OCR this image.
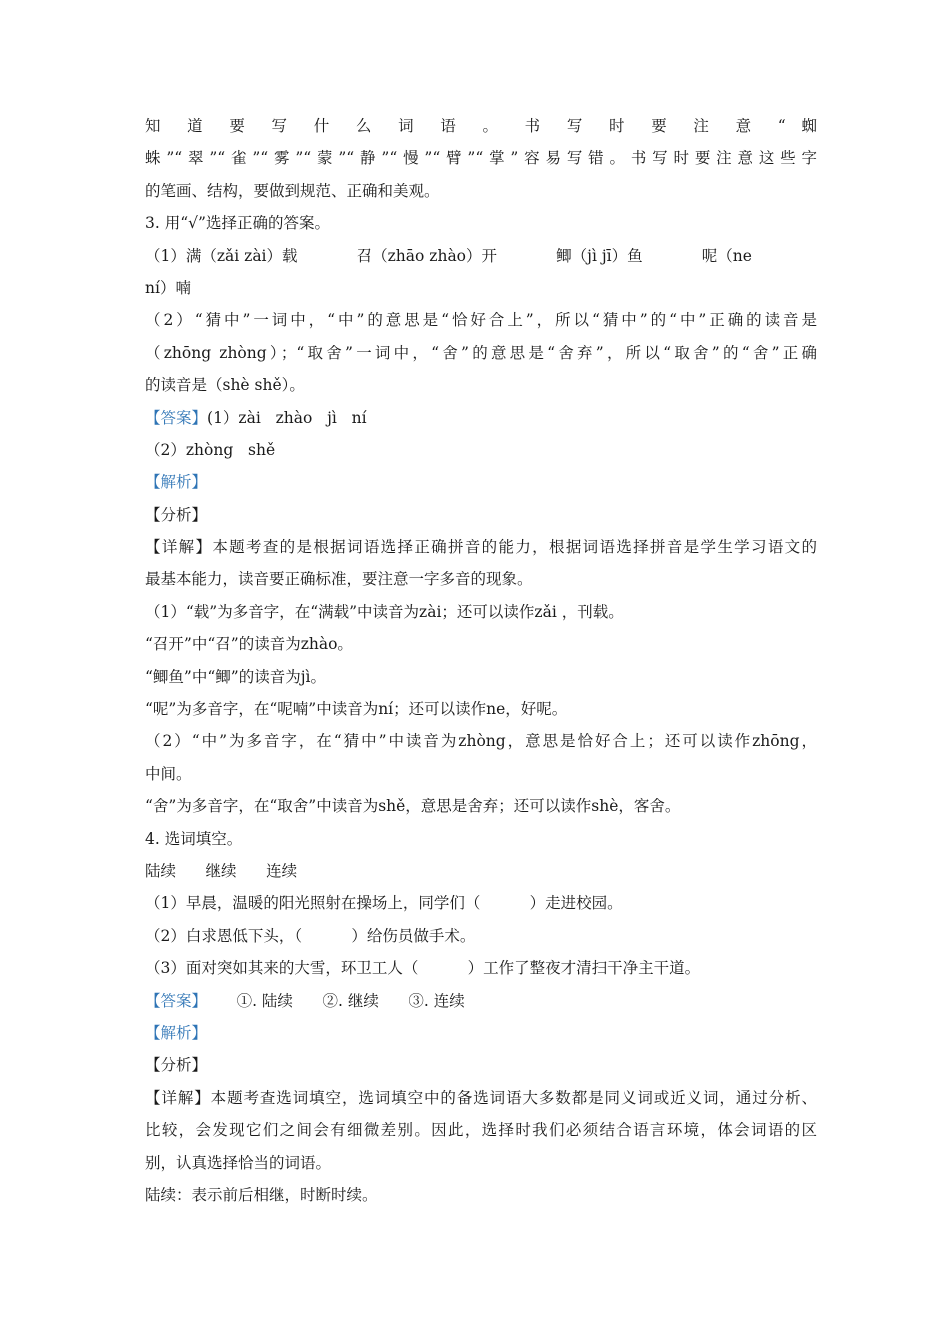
知 道 要 写 什 么 词 语 。 书 写 时 要 注 意 “ 蜘
蛛”“翠”“雀”“雾”“蒙”“静”“慢”“臂”“掌”容易写错。书写时要注意这些字
的笔画、结构，要做到规范、正确和美观。
3. 用“√”选择正确的答案。
（1）满（zǎi zài）载            召（zhāo zhào）开            鲫（jì jī）鱼            呢（ne
ní）喃
（2）“猜中”一词中，“中”的意思是“恰好合上”，所以“猜中”的“中”正确的读音是
（zhōng zhòng）；“取舍”一词中，“舍”的意思是“舍弃”，所以“取舍”的“舍”正确
的读音是（shè shě）。
【答案】(1）zài   zhào   jì   ní
（2）zhòng   shě
【解析】
【分析】
【详解】本题考查的是根据词语选择正确拼音的能力，根据词语选择拼音是学生学习语文的
最基本能力，读音要正确标准，要注意一字多音的现象。
（1）“载”为多音字，在“满载”中读音为zài；还可以读作zǎi ，刊载。
“召开”中“召”的读音为zhào。
“鲫鱼”中“鲫”的读音为jì。
“呢”为多音字，在“呢喃”中读音为ní；还可以读作ne，好呢。
（2）“中”为多音字，在“猜中”中读音为zhòng，意思是恰好合上；还可以读作zhōng，
中间。
“舍”为多音字，在“取舍”中读音为shě，意思是舍弃；还可以读作shè，客舍。
4. 选词填空。
陆续      继续      连续
（1）早晨，温暖的阳光照射在操场上，同学们（          ）走进校园。
（2）白求恩低下头，（          ）给伤员做手术。
（3）面对突如其来的大雪，环卫工人（          ）工作了整夜才清扫干净主干道。
【答案】      ①. 陆续      ②. 继续      ③. 连续
【解析】
【分析】
【详解】本题考查选词填空，选词填空中的备选词语大多数都是同义词或近义词，通过分析、
比较，会发现它们之间会有细微差别。因此，选择时我们必须结合语言环境，体会词语的区
别，认真选择恰当的词语。
陆续：表示前后相继，时断时续。
